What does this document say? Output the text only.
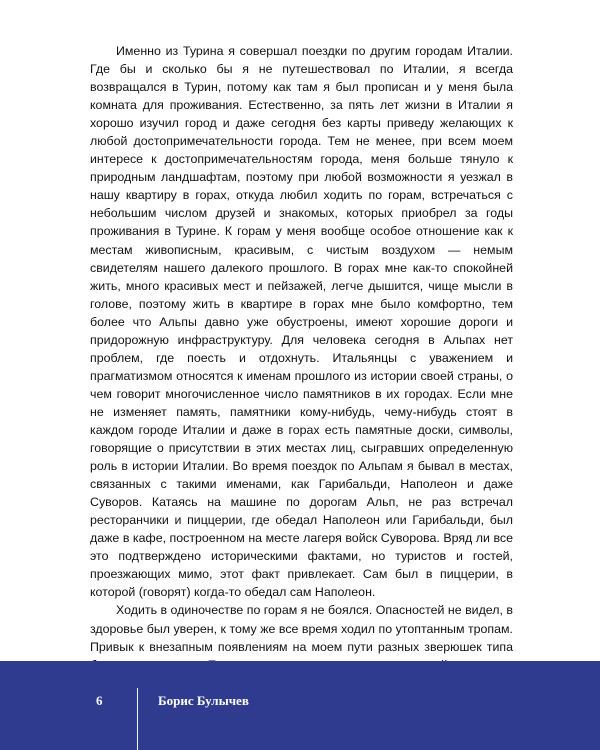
Именно из Турина я совершал поездки по другим городам Италии. Где бы и сколько бы я не путешествовал по Италии, я всегда возвращался в Турин, потому как там я был прописан и у меня была комната для проживания. Естественно, за пять лет жизни в Италии я хорошо изучил город и даже сегодня без карты приведу желающих к любой достопримечательности города. Тем не менее, при всем моем интересе к достопримечательностям города, меня больше тянуло к природным ландшафтам, поэтому при любой возможности я уезжал в нашу квартиру в горах, откуда любил ходить по горам, встречаться с небольшим числом друзей и знакомых, которых приобрел за годы проживания в Турине. К горам у меня вообще особое отношение как к местам живописным, красивым, с чистым воздухом — немым свидетелям нашего далекого прошлого. В горах мне как-то спокойней жить, много красивых мест и пейзажей, легче дышится, чище мысли в голове, поэтому жить в квартире в горах мне было комфортно, тем более что Альпы давно уже обустроены, имеют хорошие дороги и придорожную инфраструктуру. Для человека сегодня в Альпах нет проблем, где поесть и отдохнуть. Итальянцы с уважением и прагматизмом относятся к именам прошлого из истории своей страны, о чем говорит многочисленное число памятников в их городах. Если мне не изменяет память, памятники кому-нибудь, чему-нибудь стоят в каждом городе Италии и даже в горах есть памятные доски, символы, говорящие о присутствии в этих местах лиц, сыгравших определенную роль в истории Италии. Во время поездок по Альпам я бывал в местах, связанных с такими именами, как Гарибальди, Наполеон и даже Суворов. Катаясь на машине по дорогам Альп, не раз встречал ресторанчики и пиццерии, где обедал Наполеон или Гарибальди, был даже в кафе, построенном на месте лагеря войск Суворова. Вряд ли все это подтверждено историческими фактами, но туристов и гостей, проезжающих мимо, этот факт привлекает. Сам был в пиццерии, в которой (говорят) когда-то обедал сам Наполеон.

Ходить в одиночестве по горам я не боялся. Опасностей не видел, в здоровье был уверен, к тому же все время ходил по утоптанным тропам. Привык к внезапным появлениям на моем пути разных зверюшек типа

6	Борис Булычев
